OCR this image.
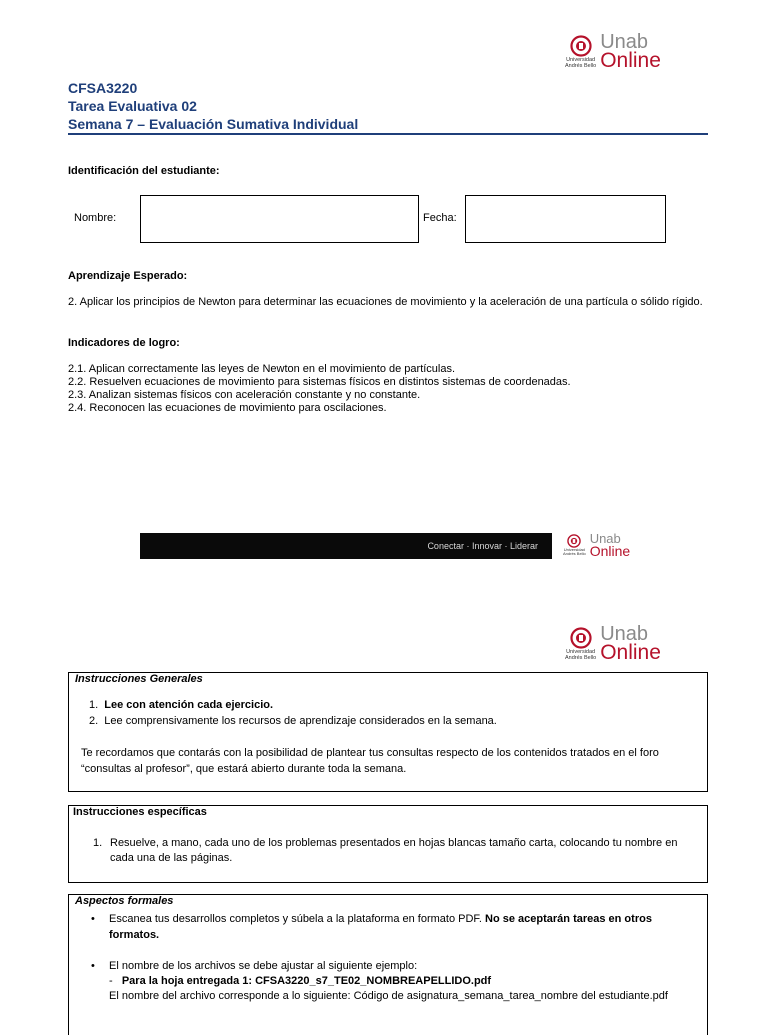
Universidad
Andrés Bello
Unab
Online
CFSA3220
Tarea Evaluativa 02
Semana 7 – Evaluación Sumativa Individual
Identificación del estudiante:
Nombre:	Fecha:
Aprendizaje Esperado:
2. Aplicar los principios de Newton para determinar las ecuaciones de movimiento y la aceleración de una partícula o sólido rígido.
Indicadores de logro:
2.1. Aplican correctamente las leyes de Newton en el movimiento de partículas.
2.2. Resuelven ecuaciones de movimiento para sistemas físicos en distintos sistemas de coordenadas.
2.3. Analizan sistemas físicos con aceleración constante y no constante.
2.4. Reconocen las ecuaciones de movimiento para oscilaciones.
Conectar · Innovar · Liderar	Universidad
Andrés Bello
Unab
Online
Universidad
Andrés Bello
Unab
Online
Instrucciones Generales
1.  Lee con atención cada ejercicio.
2.  Lee comprensivamente los recursos de aprendizaje considerados en la semana.
Te recordamos que contarás con la posibilidad de plantear tus consultas respecto de los contenidos tratados en el foro “consultas al profesor”, que estará abierto durante toda la semana.
Instrucciones específicas
1. Resuelve, a mano, cada uno de los problemas presentados en hojas blancas tamaño carta, colocando tu nombre en cada una de las páginas.
Aspectos formales
• Escanea tus desarrollos completos y súbela a la plataforma en formato PDF. No se aceptarán tareas en otros formatos.
• El nombre de los archivos se debe ajustar al siguiente ejemplo:
-   Para la hoja entregada 1: CFSA3220_s7_TE02_NOMBREAPELLIDO.pdf
El nombre del archivo corresponde a lo siguiente: Código de asignatura_semana_tarea_nombre del estudiante.pdf
